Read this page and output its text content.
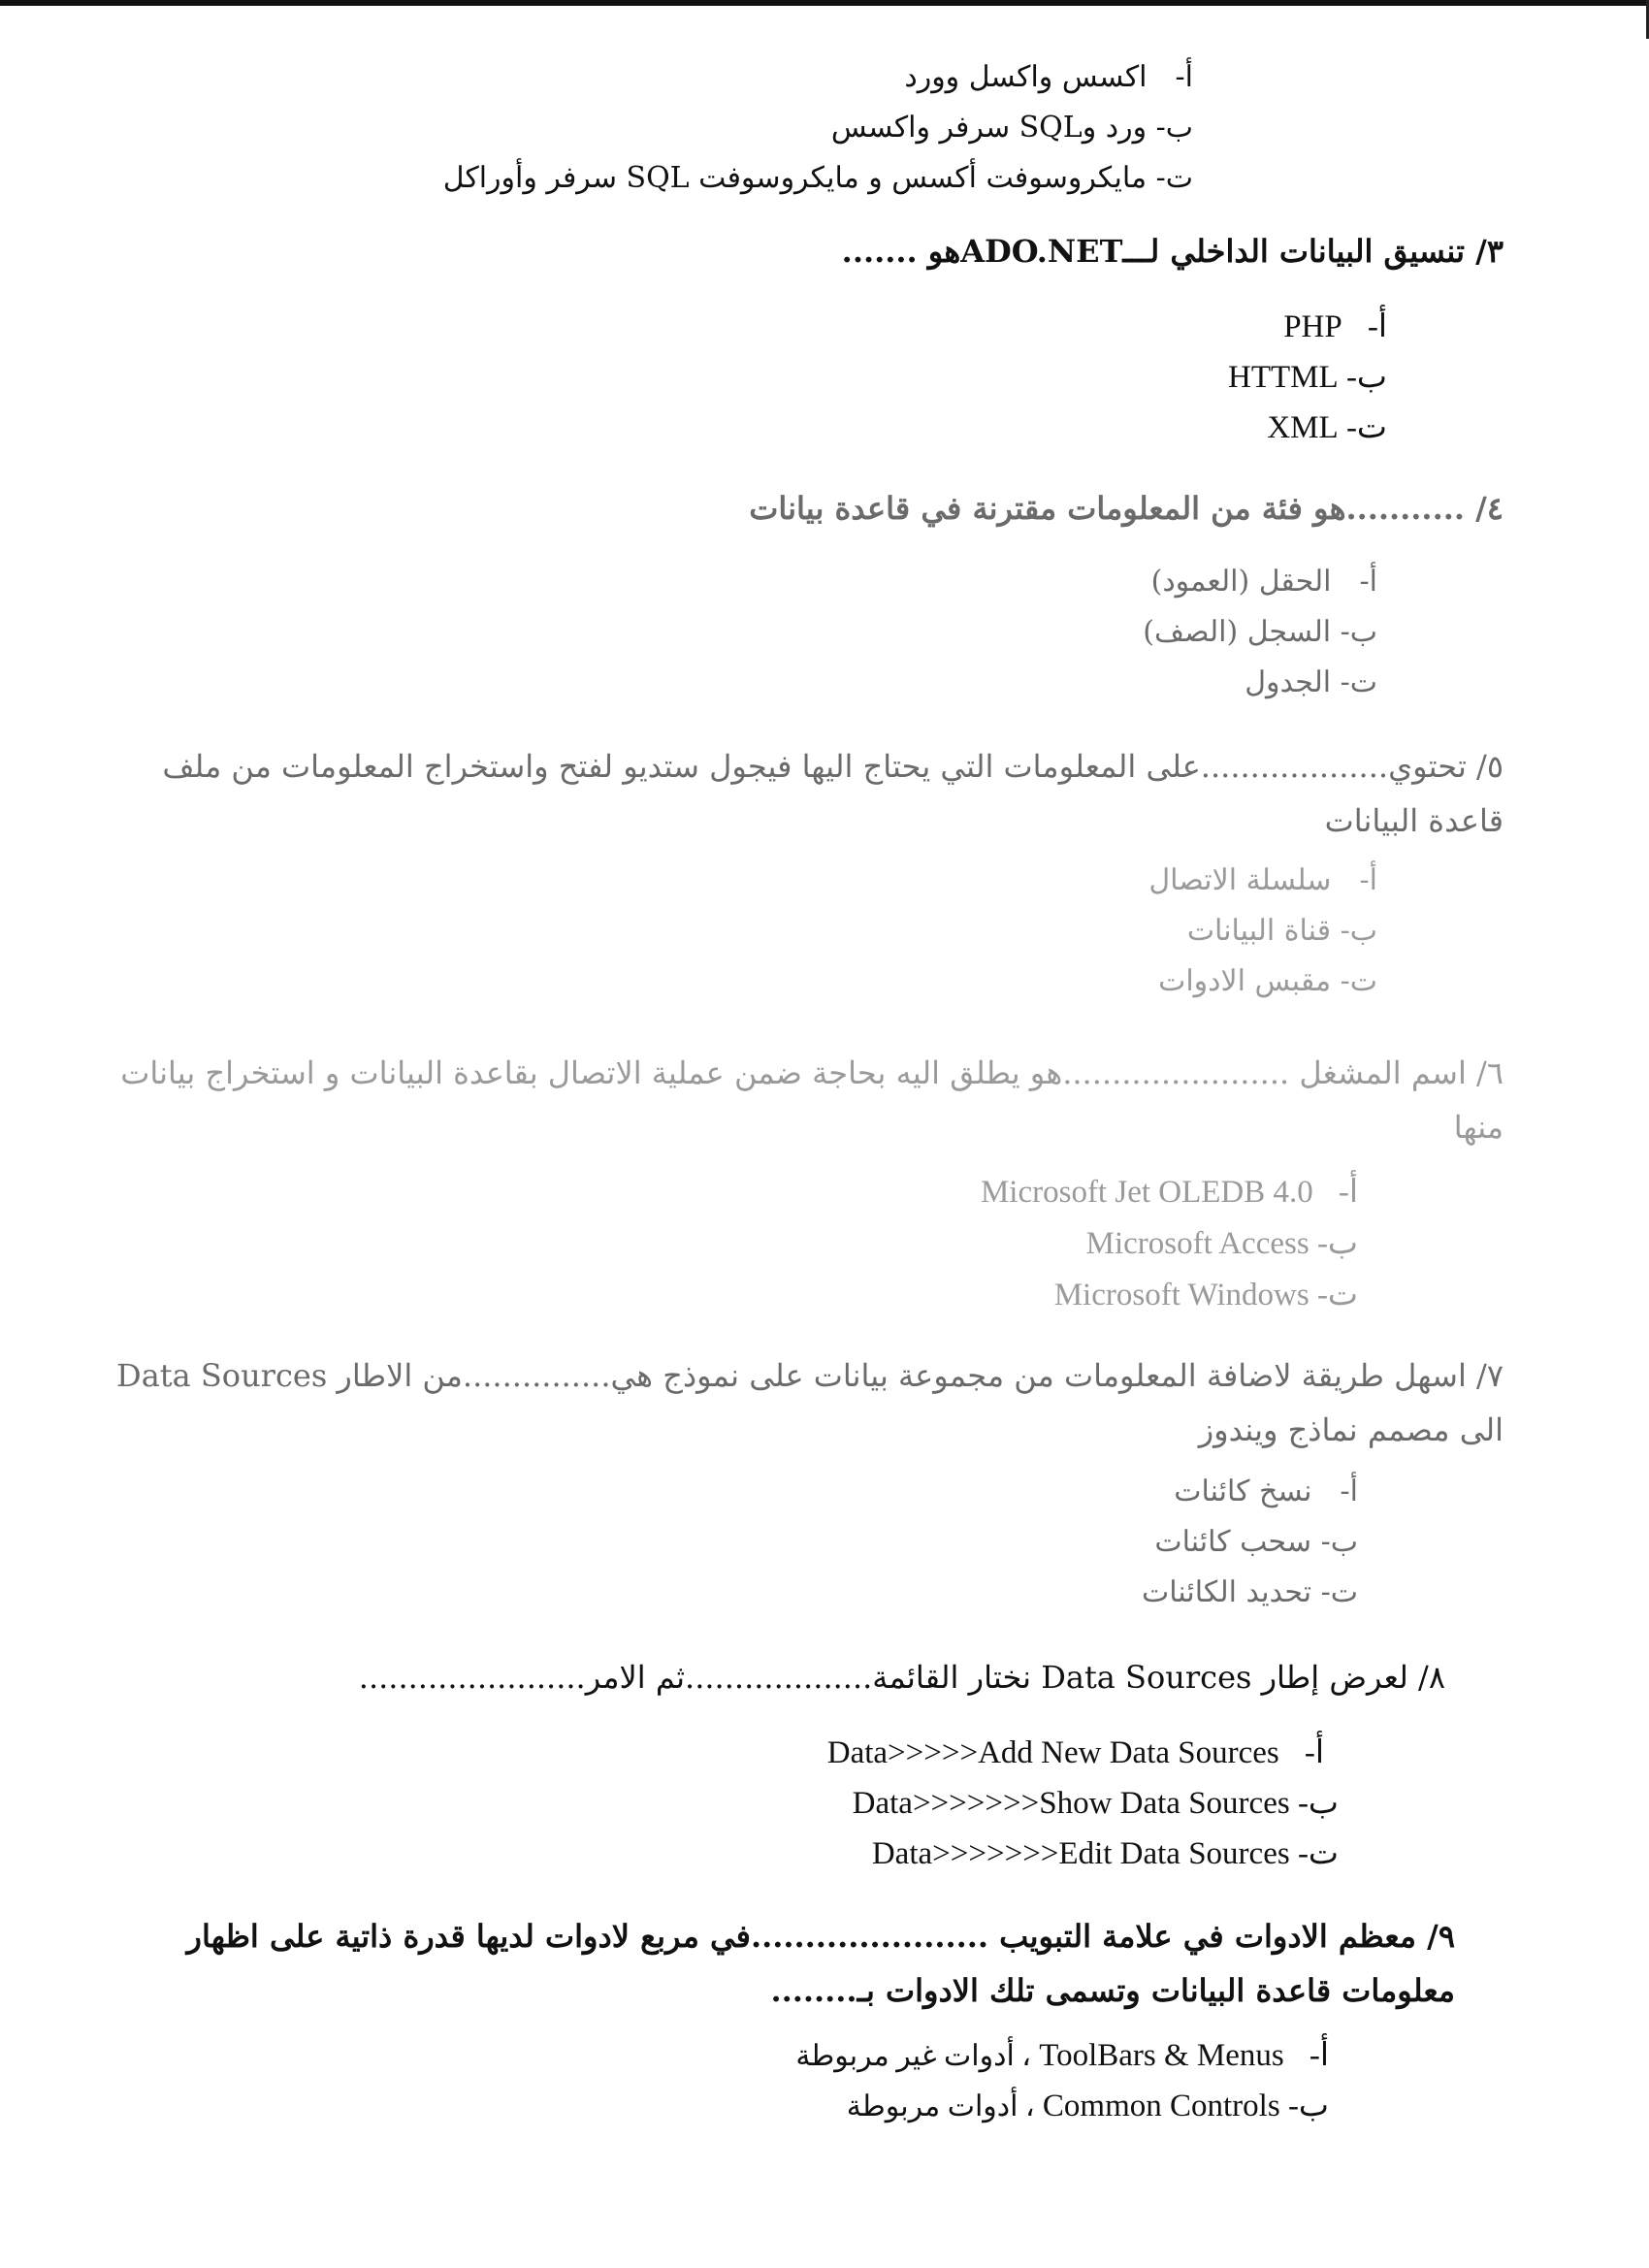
أ- اكسس واكسل وورد
ب- ورد وSQL سرفر واكسس
ت- مايكروسوفت أكسس و مايكروسوفت SQL سرفر وأوراكل
٣/ تنسيق البيانات الداخلي لـــADO.NETهو .......
أ- PHP
ب- HTTML
ت- XML
٤/ ...........هو فئة من المعلومات مقترنة في قاعدة بيانات
أ- الحقل (العمود)
ب- السجل (الصف)
ت- الجدول
٥/ تحتوي...................على المعلومات التي يحتاج اليها فيجول ستديو لفتح واستخراج المعلومات من ملف قاعدة البيانات
أ- سلسلة الاتصال
ب- قناة البيانات
ت- مقبس الادوات
٦/ اسم المشغل .......................هو يطلق اليه بحاجة ضمن عملية الاتصال بقاعدة البيانات و استخراج بيانات منها
أ- Microsoft Jet OLEDB 4.0
ب- Microsoft Access
ت- Microsoft Windows
٧/ اسهل طريقة لاضافة المعلومات من مجموعة بيانات على نموذج هي...............من الاطار Data Sources الى مصمم نماذج ويندوز
أ- نسخ كائنات
ب- سحب كائنات
ت- تحديد الكائنات
٨/ لعرض إطار Data Sources نختار القائمة...................ثم الامر.......................
أ- Data>>>>>Add New Data Sources
ب- Data>>>>>>>Show Data Sources
ت- Data>>>>>>>Edit Data Sources
٩/ معظم الادوات في علامة التبويب ......................في مربع لادوات لديها قدرة ذاتية على اظهار معلومات قاعدة البيانات وتسمى تلك الادوات بـ........
أ- ToolBars & Menus ، أدوات غير مربوطة
ب- Common Controls ، أدوات مربوطة
